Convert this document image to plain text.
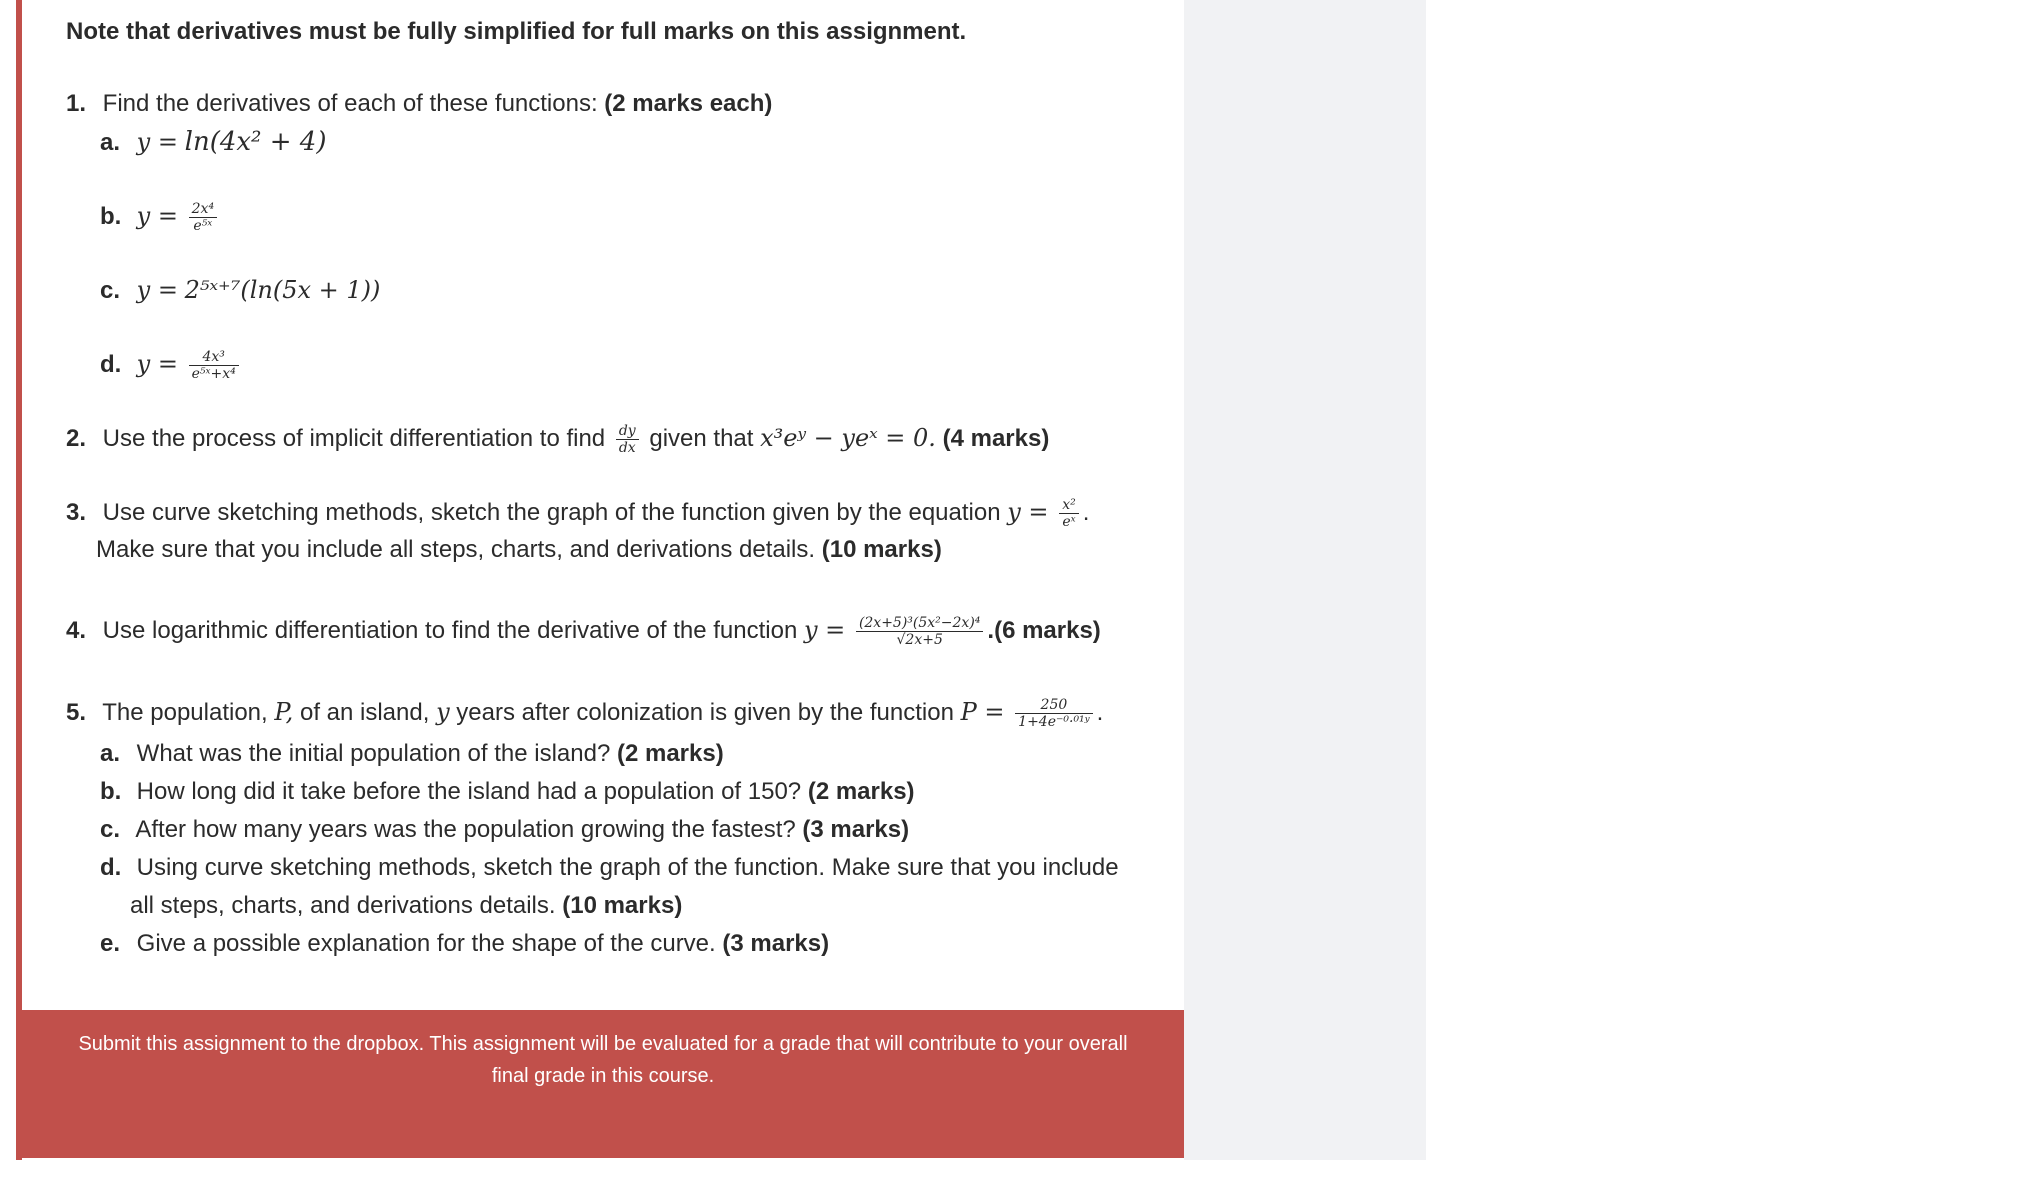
Note that derivatives must be fully simplified for full marks on this assignment.
1. Find the derivatives of each of these functions: (2 marks each)
a. y = ln(4x² + 4)
b. $y = \frac{\text{2x⁴}}{\text{e⁵ˣ}}$
c. y = 2⁵ˣ⁺⁷(ln(5x + 1))
d. $y = \frac{\text{4x³}}{\text{e⁵ˣ+x⁴}}$
2. Use the process of implicit differentiation to find $\frac{dy}{dx}$ given that x³eʸ − yeˣ = 0. (4 marks)
3. Use curve sketching methods, sketch the graph of the function given by the equation $y = \frac{\text{x²}}{\text{eˣ}}$ .
Make sure that you include all steps, charts, and derivations details. (10 marks)
4. Use logarithmic differentiation to find the derivative of the function $y = \frac{\text{(2x+5)³(5x²−2x)⁴}}{√2x+5} .(6$ marks)
5. The population, P, of an island, y years after colonization is given by the function $P = \frac{250}{\text{1+4e⁻⁰·⁰¹ʸ}}$ .
a. What was the initial population of the island? (2 marks)
b. How long did it take before the island had a population of 150? (2 marks)
c. After how many years was the population growing the fastest? (3 marks)
d. Using curve sketching methods, sketch the graph of the function. Make sure that you include
all steps, charts, and derivations details. (10 marks)
e. Give a possible explanation for the shape of the curve. (3 marks)

Submit this assignment to the dropbox. This assignment will be evaluated for a grade that will contribute to your overall final grade in this course.
